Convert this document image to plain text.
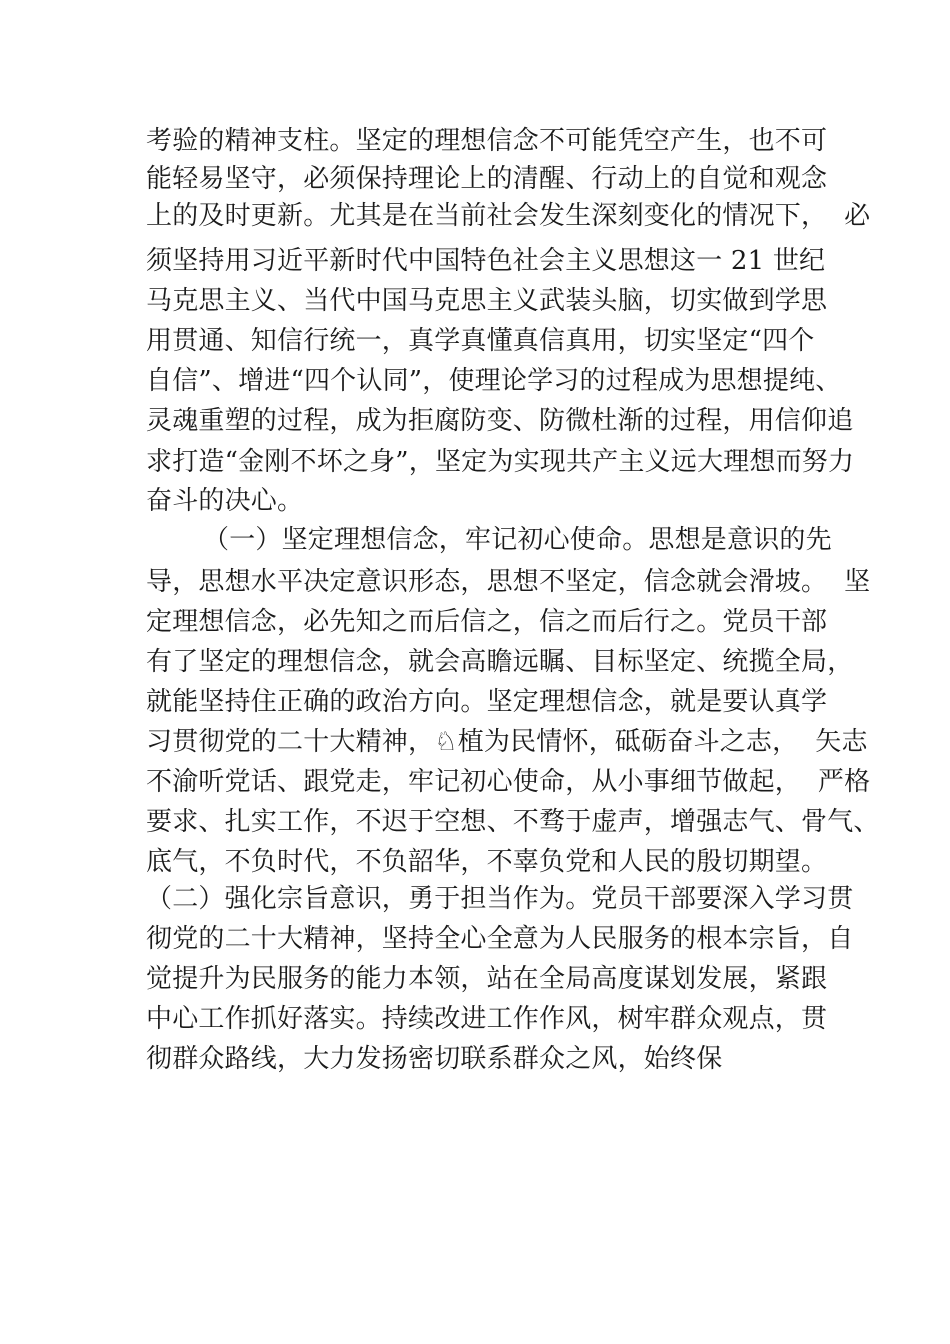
考验的精神支柱。坚定的理想信念不可能凭空产生，也不可
能轻易坚守，必须保持理论上的清醒、行动上的自觉和观念
上的及时更新。尤其是在当前社会发生深刻变化的情况下，  必
须坚持用习近平新时代中国特色社会主义思想这一 21 世纪
马克思主义、当代中国马克思主义武装头脑，切实做到学思
用贯通、知信行统一，真学真懂真信真用，切实坚定“四个
自信”、增进“四个认同”，使理论学习的过程成为思想提纯、
灵魂重塑的过程，成为拒腐防变、防微杜渐的过程，用信仰追
求打造“金刚不坏之身”，坚定为实现共产主义远大理想而努力
奋斗的决心。
（一）坚定理想信念，牢记初心使命。思想是意识的先
导，思想水平决定意识形态，思想不坚定，信念就会滑坡。  坚
定理想信念，必先知之而后信之，信之而后行之。党员干部
有了坚定的理想信念，就会高瞻远瞩、目标坚定、统揽全局，
就能坚持住正确的政治方向。坚定理想信念，就是要认真学
习贯彻党的二十大精神，♘植为民情怀，砥砺奋斗之志，  矢志
不渝听党话、跟党走，牢记初心使命，从小事细节做起，  严格
要求、扎实工作，不迟于空想、不骛于虚声，增强志气、骨气、
底气，不负时代，不负韶华，不辜负党和人民的殷切期望。
（二）强化宗旨意识，勇于担当作为。党员干部要深入学习贯
彻党的二十大精神，坚持全心全意为人民服务的根本宗旨，自
觉提升为民服务的能力本领，站在全局高度谋划发展，紧跟
中心工作抓好落实。持续改进工作作风，树牢群众观点，贯
彻群众路线，大力发扬密切联系群众之风，始终保
